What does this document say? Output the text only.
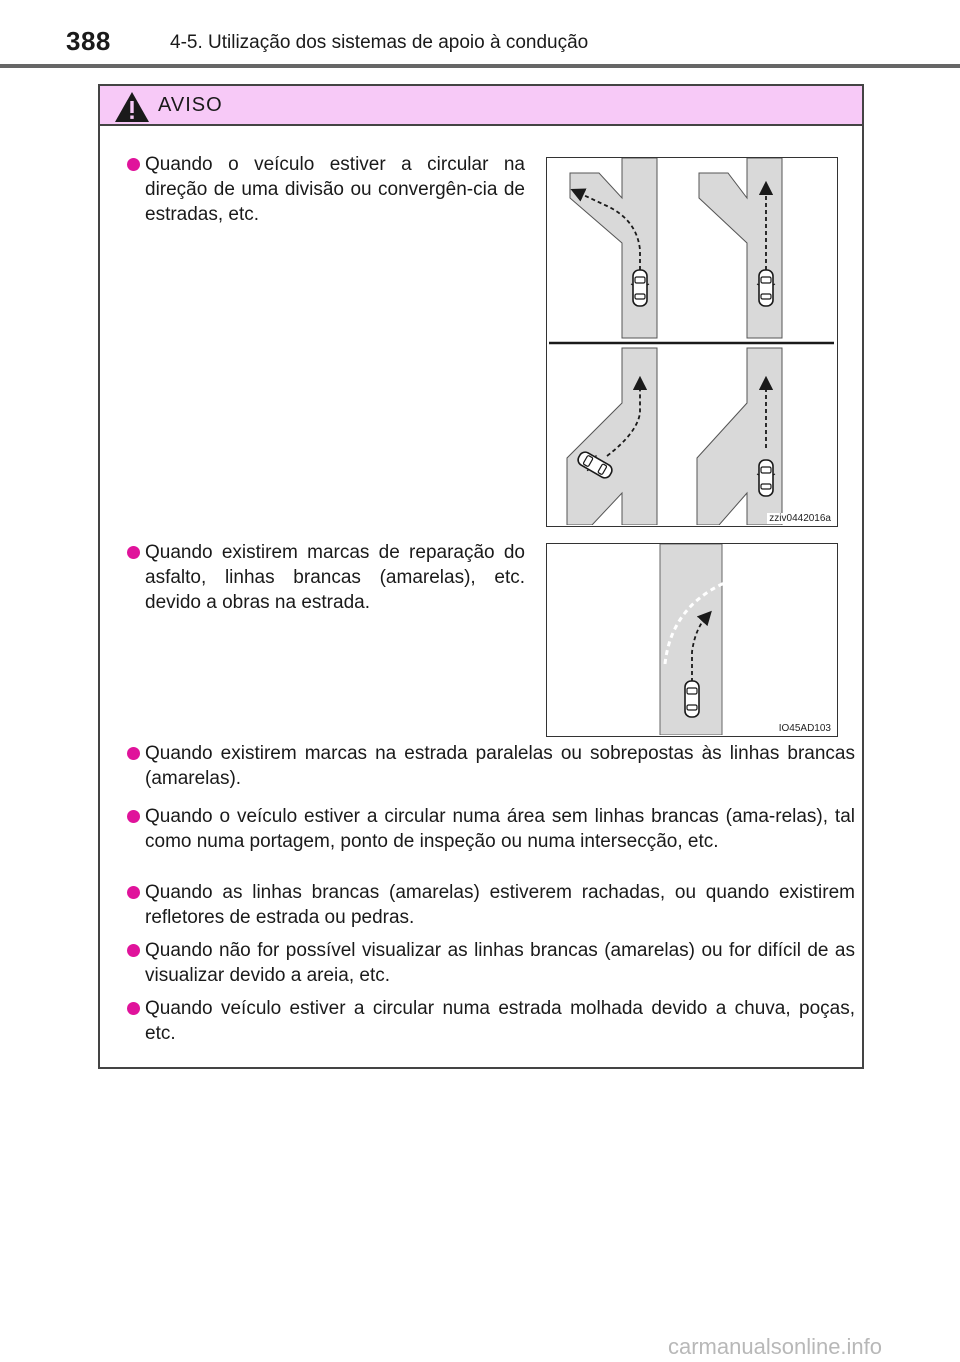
388	4-5. Utilização dos sistemas de apoio à condução
AVISO
zziv0442016a
IO45AD103
Quando o veículo estiver a circular na direção de uma divisão ou convergên-cia de estradas, etc.
Quando existirem marcas de reparação do asfalto, linhas brancas (amarelas), etc. devido a obras na estrada.
Quando existirem marcas na estrada paralelas ou sobrepostas às linhas brancas (amarelas).
Quando o veículo estiver a circular numa área sem linhas brancas (ama-relas), tal como numa portagem, ponto de inspeção ou numa intersecção, etc.
Quando as linhas brancas (amarelas) estiverem rachadas, ou quando existirem refletores de estrada ou pedras.
Quando não for possível visualizar as linhas brancas (amarelas) ou for difícil de as visualizar devido a areia, etc.
Quando veículo estiver a circular numa estrada molhada devido a chuva, poças, etc.
carmanualsonline.info
